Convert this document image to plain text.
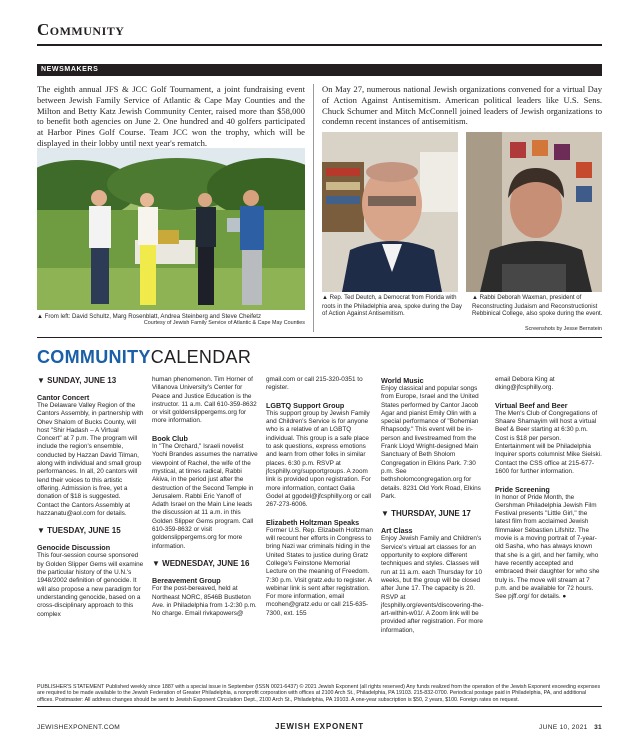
Community
NEWSMAKERS
The eighth annual JFS & JCC Golf Tournament, a joint fundraising event between Jewish Family Service of Atlantic & Cape May Counties and the Milton and Betty Katz Jewish Community Center, raised more than $58,000 to benefit both agencies on June 2. One hundred and 40 golfers participated at Harbor Pines Golf Course. Team JCC won the trophy, which will be displayed in their lobby until next year's rematch.
On May 27, numerous national Jewish organizations convened for a virtual Day of Action Against Antisemitism. American political leaders like U.S. Sens. Chuck Schumer and Mitch McConnell joined leaders of Jewish organizations to condemn recent instances of antisemitism.
▲ From left: David Schultz, Marg Rosenblatt, Andrea Steinberg and Steve Cheifetz
Courtesy of Jewish Family Service of Atlantic & Cape May Counties
▲ Rep. Ted Deutch, a Democrat from Florida with roots in the Philadelphia area, spoke during the Day of Action Against Antisemitism.
▲ Rabbi Deborah Waxman, president of Reconstructing Judaism and Reconstructionist Rebbinical College, also spoke during the event.
Screenshots by Jesse Bernstein
COMMUNITYCALENDAR
▼ SUNDAY, JUNE 13
Cantor Concert

The Delaware Valley Region of the Cantors Assembly, in partnership with Ohev Shalom of Bucks County, will host "Shir Hadash – A Virtual Concert" at 7 p.m. The program will include the region's ensemble, conducted by Hazzan David Tilman, along with individual and small group performances. In all, 20 cantors will lend their voices to this artistic offering. Admission is free, yet a donation of $18 is suggested. Contact the Cantors Assembly at hazzanatu@aol.com for details.

▼ TUESDAY, JUNE 15
Genocide Discussion

This four-session course sponsored by Golden Slipper Gems will examine the particular history of the U.N.'s 1948/2002 definition of genocide. It will also propose a new paradigm for understanding genocide, based on a cross-disciplinary approach to this complex

human phenomenon. Tim Horner of Villanova University's Center for Peace and Justice Education is the instructor. 11 a.m. Call 610-359-8632 or visit goldenslippergems.org for more information.

Book Club

In "The Orchard," Israeli novelist Yochi Brandes assumes the narrative viewpoint of Rachel, the wife of the mystical, at times radical, Rabbi Akiva, in the period just after the destruction of the Second Temple in Jerusalem. Rabbi Eric Yanoff of Adath Israel on the Main Line leads the discussion at 11 a.m. in this Golden Slipper Gems program. Call 610-359-8632 or visit goldenslippergems.org for more information.

▼ WEDNESDAY, JUNE 16
Bereavement Group

For the post-bereaved, held at Northeast NORC, 8546B Bustleton Ave. in Philadelphia from 1-2:30 p.m. No charge. Email rivkapowers@

gmail.com or call 215-320-0351 to register.

LGBTQ Support Group

This support group by Jewish Family and Children's Service is for anyone who is a relative of an LGBTQ individual. This group is a safe place to ask questions, express emotions and learn from other folks in similar places. 6:30 p.m. RSVP at jfcsphilly.org/supportgroups. A zoom link is provided upon registration. For more information, contact Galia Godel at ggodel@jfcsphilly.org or call 267-273-6006.

Elizabeth Holtzman Speaks

Former U.S. Rep. Elizabeth Holtzman will recount her efforts in Congress to bring Nazi war criminals hiding in the United States to justice during Gratz College's Feinstone Memorial Lecture on the meaning of Freedom. 7:30 p.m. Visit gratz.edu to register. A webinar link is sent after registration. For more information, email mcohen@gratz.edu or call 215-635-7300, ext. 155

World Music

Enjoy classical and popular songs from Europe, Israel and the United States performed by Cantor Jacob Agar and pianist Emily Olin with a special performance of "Bohemian Rhapsody." This event will be in-person and livestreamed from the Frank Lloyd Wright-designed Main Sanctuary of Beth Sholom Congregation in Elkins Park. 7:30 p.m. See bethsholomcongregation.org for details. 8231 Old York Road, Elkins Park.

▼ THURSDAY, JUNE 17
Art Class

Enjoy Jewish Family and Children's Service's virtual art classes for an opportunity to explore different techniques and styles. Classes will run at 11 a.m. each Thursday for 10 weeks, but the group will be closed after June 17. The capacity is 20. RSVP at jfcsphilly.org/events/discovering-the-art-within-w01/. A Zoom link will be provided after registration. For more information,

email Debora King at dking@jfcsphilly.org.

Virtual Beef and Beer

The Men's Club of Congregations of Shaare Shamayim will host a virtual Beef & Beer starting at 6:30 p.m. Cost is $18 per person. Entertainment will be Philadelphia Inquirer sports columnist Mike Sielski. Contact the CSS office at 215-677-1600 for further information.

Pride Screening

In honor of Pride Month, the Gershman Philadelphia Jewish Film Festival presents "Little Girl," the latest film from acclaimed Jewish filmmaker Sébastien Lifshitz. The movie is a moving portrait of 7-year-old Sasha, who has always known that she is a girl, and her family, who have recently accepted and embraced their daughter for who she truly is. The move will stream at 7 p.m. and be available for 72 hours. See pjff.org/ for details. ●

PUBLISHER'S STATEMENT Published weekly since 1887 with a special issue in September (ISSN 0021-6437) © 2021 Jewish Exponent (all rights reserved) Any funds realized from the operation of the Jewish Exponent exceeding expenses are required to be made available to the Jewish Federation of Greater Philadelphia, a nonprofit corporation with offices at 2100 Arch St., Philadelphia, PA 19103. 215-832-0700. Periodical postage paid in Philadelphia, PA, and additional offices. Postmaster: All address changes should be sent to Jewish Exponent Circulation Dept., 2100 Arch St., Philadelphia, PA 19103. A one-year subscription is $50, 2 years, $100. Foreign rates on request.
JEWISHEXPONENT.COM	JEWISH EXPONENT	JUNE 10, 2021 31
